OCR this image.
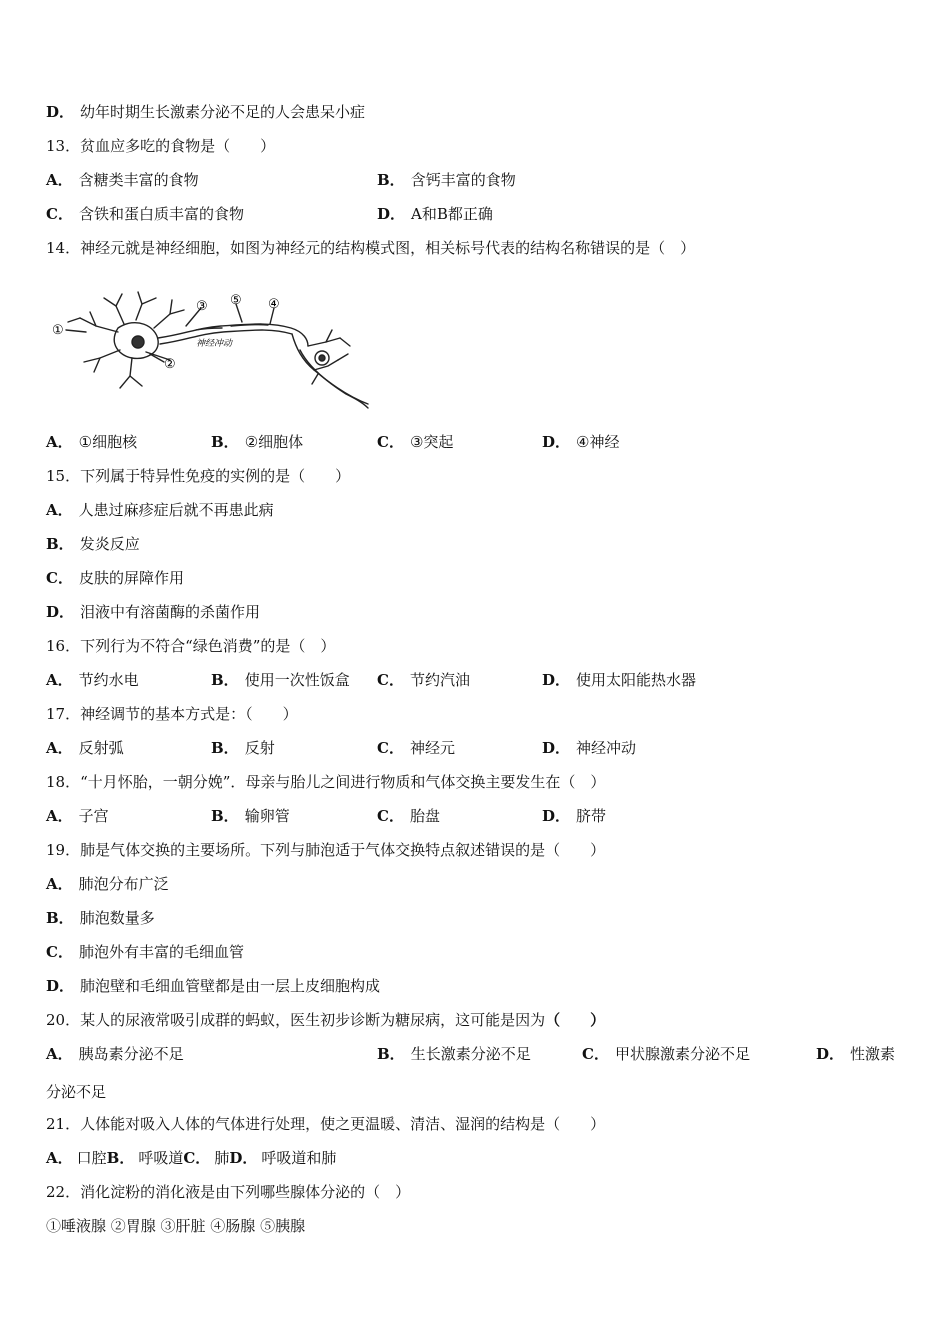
D． 幼年时期生长激素分泌不足的人会患呆小症
13．贫血应多吃的食物是（　　）
A． 含糖类丰富的食物	B． 含钙丰富的食物
C． 含铁和蛋白质丰富的食物	D． A和B都正确
14．神经元就是神经细胞，如图为神经元的结构模式图，相关标号代表的结构名称错误的是（　）
①
②
③ ⑤ ④
神经冲动
A． ①细胞核	B． ②细胞体	C． ③突起	D． ④神经
15．下列属于特异性免疫的实例的是（　　）
A． 人患过麻疹症后就不再患此病
B． 发炎反应
C． 皮肤的屏障作用
D． 泪液中有溶菌酶的杀菌作用
16．下列行为不符合“绿色消费”的是（　）
A． 节约水电	B． 使用一次性饭盒 C． 节约汽油	D． 使用太阳能热水器
17．神经调节的基本方式是：（　　）
A． 反射弧	B． 反射	C． 神经元	D． 神经冲动
18．“十月怀胎，一朝分娩”．母亲与胎儿之间进行物质和气体交换主要发生在（　）
A． 子宫	B． 输卵管	C． 胎盘	D． 脐带
19．肺是气体交换的主要场所。下列与肺泡适于气体交换特点叙述错误的是（　　）
A． 肺泡分布广泛
B． 肺泡数量多
C． 肺泡外有丰富的毛细血管
D． 肺泡壁和毛细血管壁都是由一层上皮细胞构成
20．某人的尿液常吸引成群的蚂蚁，医生初步诊断为糖尿病，这可能是因为（　　）
A． 胰岛素分泌不足	B． 生长激素分泌不足	C． 甲状腺激素分泌不足	D． 性激素
分泌不足
21．人体能对吸入人体的气体进行处理，使之更温暖、清洁、湿润的结构是（　　）
A． 口腔B． 呼吸道C． 肺D． 呼吸道和肺
22．消化淀粉的消化液是由下列哪些腺体分泌的（　）
①唾液腺 ②胃腺 ③肝脏 ④肠腺 ⑤胰腺
